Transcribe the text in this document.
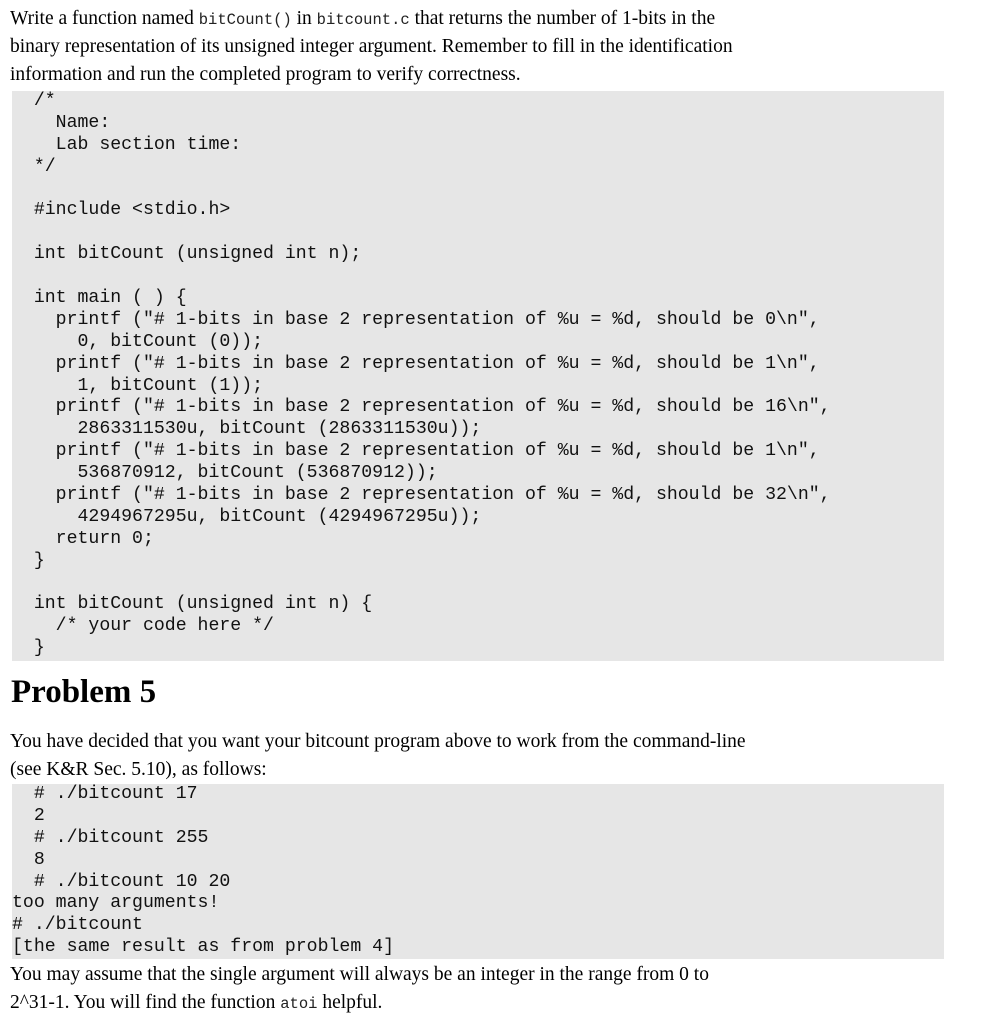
Write a function named bitCount() in bitcount.c that returns the number of 1-bits in the

binary representation of its unsigned integer argument. Remember to fill in the identification

information and run the completed program to verify correctness.	ﾠ
/*
Name:
Lab section time:
*/
#include <stdio.h>
int bitCount (unsigned int n);
int main ( ) {
printf ("# 1-bits in base 2 representation of %u = %d, should be 0\n",
0, bitCount (0));
printf ("# 1-bits in base 2 representation of %u = %d, should be 1\n",
1, bitCount (1));
printf ("# 1-bits in base 2 representation of %u = %d, should be 16\n",
2863311530u, bitCount (2863311530u));
printf ("# 1-bits in base 2 representation of %u = %d, should be 1\n",
536870912, bitCount (536870912));
printf ("# 1-bits in base 2 representation of %u = %d, should be 32\n",
4294967295u, bitCount (4294967295u));
return 0;
}
int bitCount (unsigned int n) {
/* your code here */
}
Problem 5

You have decided that you want your bitcount program above to work from the command-line

(see K&R Sec. 5.10), as follows:

# ./bitcount 17
2
# ./bitcount 255
8
# ./bitcount 10 20
too many arguments!
# ./bitcount
[the same result as from problem 4]

You may assume that the single argument will always be an integer in the range from 0 to

2^31-1. You will find the function atoi helpful.
